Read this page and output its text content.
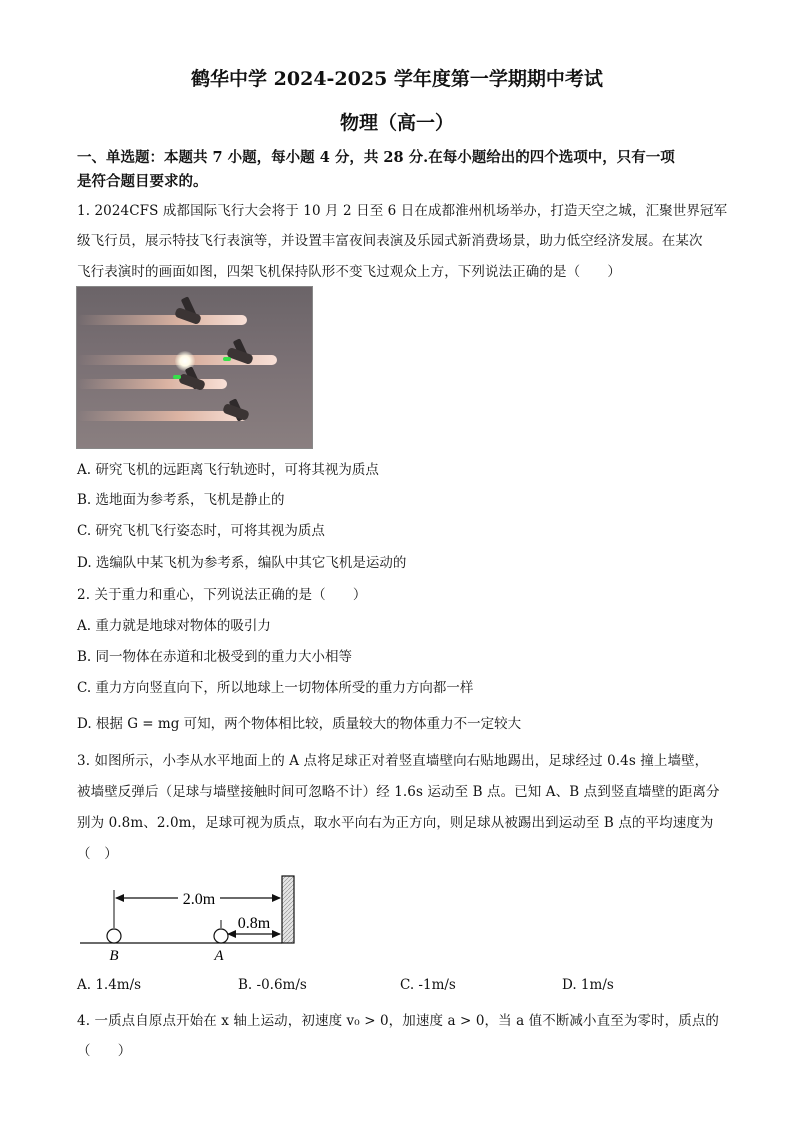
鹤华中学 2024-2025 学年度第一学期期中考试
物理（高一）
一、单选题：本题共 7 小题，每小题 4 分，共 28 分.在每小题给出的四个选项中，只有一项
是符合题目要求的。
1. 2024CFS 成都国际飞行大会将于 10 月 2 日至 6 日在成都淮州机场举办，打造天空之城，汇聚世界冠军
级飞行员，展示特技飞行表演等，并设置丰富夜间表演及乐园式新消费场景，助力低空经济发展。在某次
飞行表演时的画面如图，四架飞机保持队形不变飞过观众上方，下列说法正确的是（　　）
A. 研究飞机的远距离飞行轨迹时，可将其视为质点
B. 选地面为参考系，飞机是静止的
C. 研究飞机飞行姿态时，可将其视为质点
D. 选编队中某飞机为参考系，编队中其它飞机是运动的
2. 关于重力和重心，下列说法正确的是（　　）
A. 重力就是地球对物体的吸引力
B. 同一物体在赤道和北极受到的重力大小相等
C. 重力方向竖直向下，所以地球上一切物体所受的重力方向都一样
D. 根据 G = mg 可知，两个物体相比较，质量较大的物体重力不一定较大
3. 如图所示，小李从水平地面上的 A 点将足球正对着竖直墙壁向右贴地踢出，足球经过 0.4s 撞上墙壁，
被墙壁反弹后（足球与墙壁接触时间可忽略不计）经 1.6s 运动至 B 点。已知 A、B 点到竖直墙壁的距离分
别为 0.8m、2.0m，足球可视为质点，取水平向右为正方向，则足球从被踢出到运动至 B 点的平均速度为
（　）
2.0m
0.8m
B	A
A. 1.4m/s	B. -0.6m/s	C. -1m/s	D. 1m/s
4. 一质点自原点开始在 x 轴上运动，初速度 v₀ > 0，加速度 a > 0，当 a 值不断减小直至为零时，质点的
（　　）
